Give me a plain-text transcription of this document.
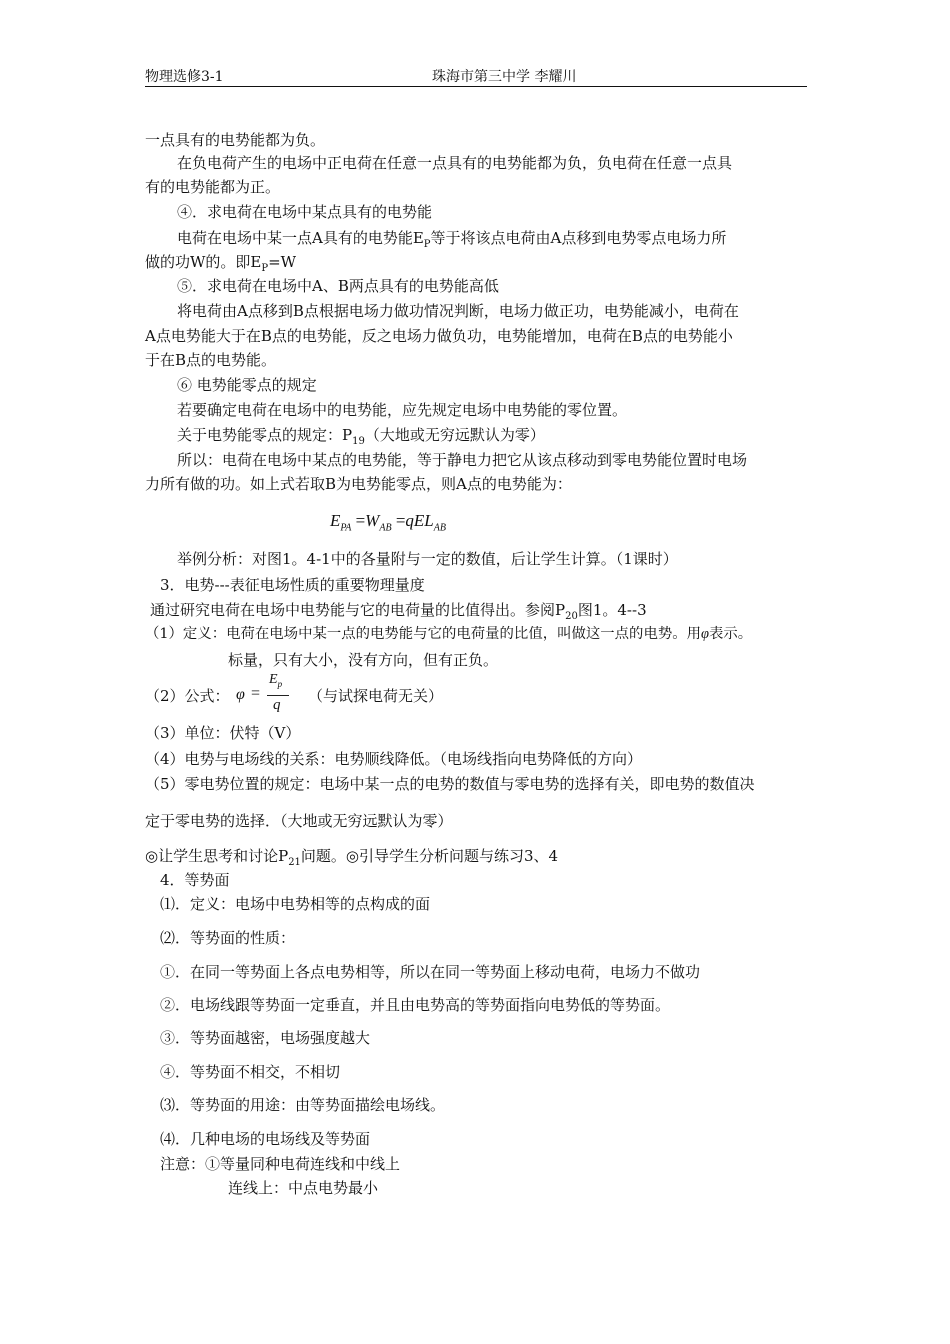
物理选修3-1	珠海市第三中学 李耀川
一点具有的电势能都为负。
在负电荷产生的电场中正电荷在任意一点具有的电势能都为负，负电荷在任意一点具
有的电势能都为正。
④．求电荷在电场中某点具有的电势能
电荷在电场中某一点A具有的电势能$E_P$等于将该点电荷由A点移到电势零点电场力所
做的功W的。即$E_P=W$
⑤．求电荷在电场中A、B两点具有的电势能高低
将电荷由A点移到B点根据电场力做功情况判断，电场力做正功，电势能减小，电荷在
A点电势能大于在B点的电势能，反之电场力做负功，电势能增加，电荷在B点的电势能小
于在B点的电势能。
⑥ 电势能零点的规定
若要确定电荷在电场中的电势能，应先规定电场中电势能的零位置。
关于电势能零点的规定：$P_{19}$（大地或无穷远默认为零）
所以：电荷在电场中某点的电势能，等于静电力把它从该点移动到零电势能位置时电场
力所有做的功。如上式若取B为电势能零点，则A点的电势能为：
$E_{PA} =W_{AB} =qEL_{AB}$
举例分析：对图1。4-1中的各量附与一定的数值，后让学生计算。（1课时）
3．电势---表征电场性质的重要物理量度
通过研究电荷在电场中电势能与它的电荷量的比值得出。参阅$P_{20}$图1。4--3
（1）定义：电荷在电场中某一点的电势能与它的电荷量的比值，叫做这一点的电势。用φ表示。
标量，只有大小，没有方向，但有正负。
（2）公式： φ =
$E_p$
q （与试探电荷无关）
（3）单位：伏特（V）
（4）电势与电场线的关系：电势顺线降低。（电场线指向电势降低的方向）
（5）零电势位置的规定：电场中某一点的电势的数值与零电势的选择有关，即电势的数值决
定于零电势的选择．（大地或无穷远默认为零）
◎让学生思考和讨论$P_{21}$问题。◎引导学生分析问题与练习3、4
4．等势面
⑴．定义：电场中电势相等的点构成的面
⑵．等势面的性质：
①．在同一等势面上各点电势相等，所以在同一等势面上移动电荷，电场力不做功
②．电场线跟等势面一定垂直，并且由电势高的等势面指向电势低的等势面。
③．等势面越密，电场强度越大
④．等势面不相交，不相切
⑶．等势面的用途：由等势面描绘电场线。
⑷．几种电场的电场线及等势面
注意：①等量同种电荷连线和中线上
连线上：中点电势最小
